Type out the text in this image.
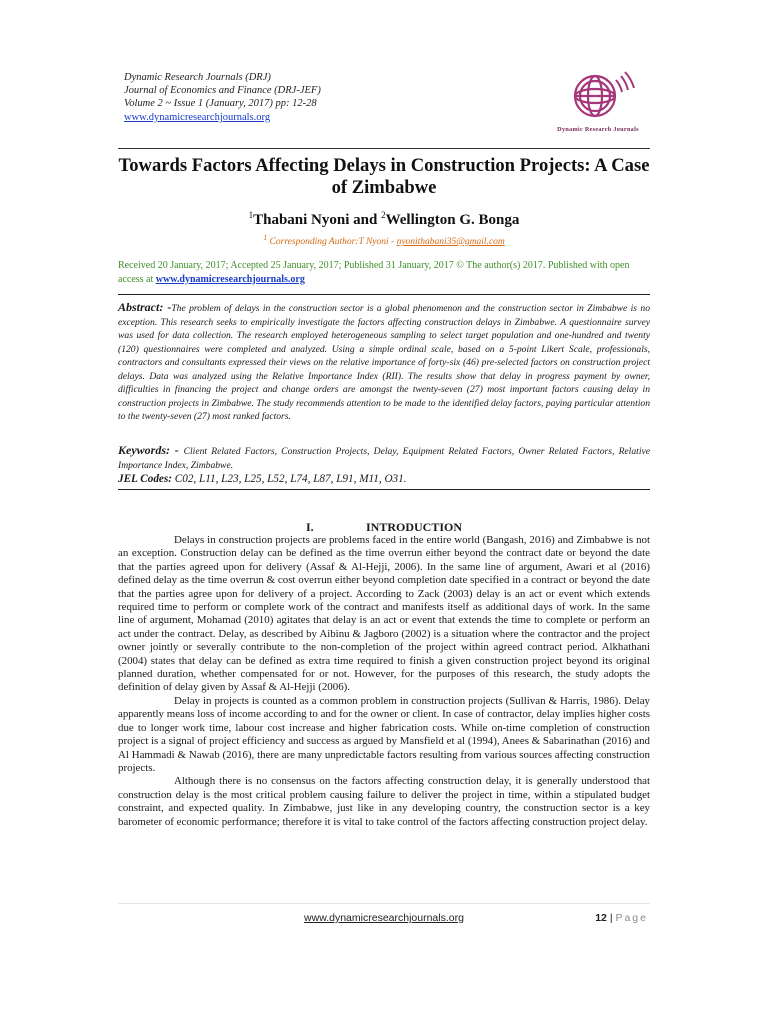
Dynamic Research Journals (DRJ)
Journal of Economics and Finance (DRJ-JEF)
Volume 2 ~ Issue 1 (January, 2017) pp: 12-28
www.dynamicresearchjournals.org
Dynamic Research Journals
Towards Factors Affecting Delays in Construction Projects: A Case of Zimbabwe
$^1$Thabani Nyoni and $^2$Wellington G. Bonga
$^1$ Corresponding Author:T Nyoni - nyonithabani35@gmail.com
Received 20 January, 2017; Accepted 25 January, 2017; Published 31 January, 2017 © The author(s) 2017. Published with open access at www.dynamicresearchjournals.org
Abstract: -The problem of delays in the construction sector is a global phenomenon and the construction sector in Zimbabwe is no exception. This research seeks to empirically investigate the factors affecting construction delays in Zimbabwe. A questionnaire survey was used for data collection. The research employed heterogeneous sampling to select target population and one-hundred and twenty (120) questionnaires were completed and analyzed. Using a simple ordinal scale, based on a 5-point Likert Scale, professionals, contractors and consultants expressed their views on the relative importance of forty-six (46) pre-selected factors on construction project delays. Data was analyzed using the Relative Importance Index (RII). The results show that delay in progress payment by owner, difficulties in financing the project and change orders are amongst the twenty-seven (27) most important factors causing delay in construction projects in Zimbabwe. The study recommends attention to be made to the identified delay factors, paying particular attention to the twenty-seven (27) most ranked factors.
Keywords: - Client Related Factors, Construction Projects, Delay, Equipment Related Factors, Owner Related Factors, Relative Importance Index, Zimbabwe.
JEL Codes: C02, L11, L23, L25, L52, L74, L87, L91, M11, O31.
I.	INTRODUCTION

Delays in construction projects are problems faced in the entire world (Bangash, 2016) and Zimbabwe is not an exception. Construction delay can be defined as the time overrun either beyond the contract date or beyond the date that the parties agreed upon for delivery (Assaf & Al-Hejji, 2006). In the same line of argument, Awari et al (2016) defined delay as the time overrun & cost overrun either beyond completion date specified in a contract or beyond the date that the parties agree upon for delivery of a project. According to Zack (2003) delay is an act or event which extends required time to perform or complete work of the contract and manifests itself as additional days of work. In the same line of argument, Mohamad (2010) agitates that delay is an act or event that extends the time to complete or perform an act under the contract. Delay, as described by Aibinu & Jagboro (2002) is a situation where the contractor and the project owner jointly or severally contribute to the non-completion of the project within agreed contract period. Alkhathani (2004) states that delay can be defined as extra time required to finish a given construction project beyond its original planned duration, whether compensated for or not. However, for the purposes of this research, the study adopts the definition of delay given by Assaf & Al-Hejji (2006).

Delay in projects is counted as a common problem in construction projects (Sullivan & Harris, 1986). Delay apparently means loss of income according to and for the owner or client. In case of contractor, delay implies higher costs due to longer work time, labour cost increase and higher fabrication costs. While on-time completion of construction project is a signal of project efficiency and success as argued by Mansfield et al (1994), Anees & Sabarinathan (2016) and Al Hammadi & Nawab (2016), there are many unpredictable factors resulting from various sources affecting construction projects.

Although there is no consensus on the factors affecting construction delay, it is generally understood that construction delay is the most critical problem causing failure to deliver the project in time, within a stipulated budget constraint, and expected quality. In Zimbabwe, just like in any developing country, the construction sector is a key barometer of economic performance; therefore it is vital to take control of the factors affecting construction project delay.

www.dynamicresearchjournals.org	12 | Page
